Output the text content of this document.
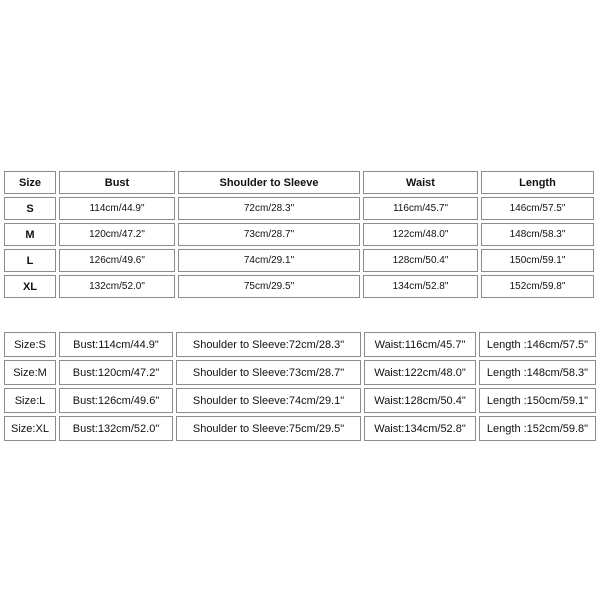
Size	Bust	Shoulder to Sleeve	Waist	Length
S	114cm/44.9"	72cm/28.3"	116cm/45.7"	146cm/57.5"
M	120cm/47.2"	73cm/28.7"	122cm/48.0"	148cm/58.3"
L	126cm/49.6"	74cm/29.1"	128cm/50.4"	150cm/59.1"
XL	132cm/52.0"	75cm/29.5"	134cm/52.8"	152cm/59.8"
Size:S	Bust:114cm/44.9"	Shoulder to Sleeve:72cm/28.3"	Waist:116cm/45.7"	Length :146cm/57.5"
Size:M	Bust:120cm/47.2"	Shoulder to Sleeve:73cm/28.7"	Waist:122cm/48.0"	Length :148cm/58.3"
Size:L	Bust:126cm/49.6"	Shoulder to Sleeve:74cm/29.1"	Waist:128cm/50.4"	Length :150cm/59.1"
Size:XL	Bust:132cm/52.0"	Shoulder to Sleeve:75cm/29.5"	Waist:134cm/52.8"	Length :152cm/59.8"
